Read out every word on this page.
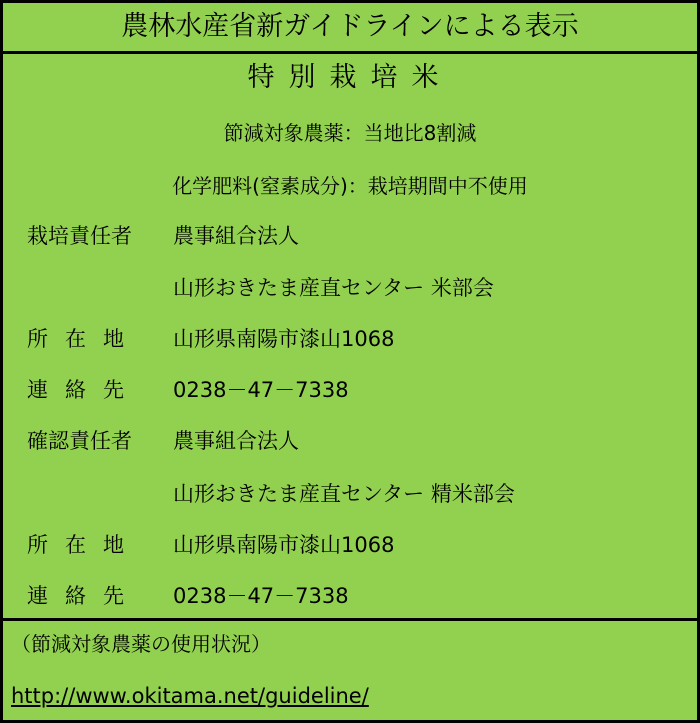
農林水産省新ガイドラインによる表示
特別栽培米
節減対象農薬：当地比8割減
化学肥料(窒素成分)：栽培期間中不使用
栽培責任者 農事組合法人
山形おきたま産直センター 米部会
所在地 山形県南陽市漆山1068
連絡先 0238－47－7338
確認責任者 農事組合法人
山形おきたま産直センター 精米部会
所在地 山形県南陽市漆山1068
連絡先 0238－47－7338
（節減対象農薬の使用状況）
http://www.okitama.net/guideline/
